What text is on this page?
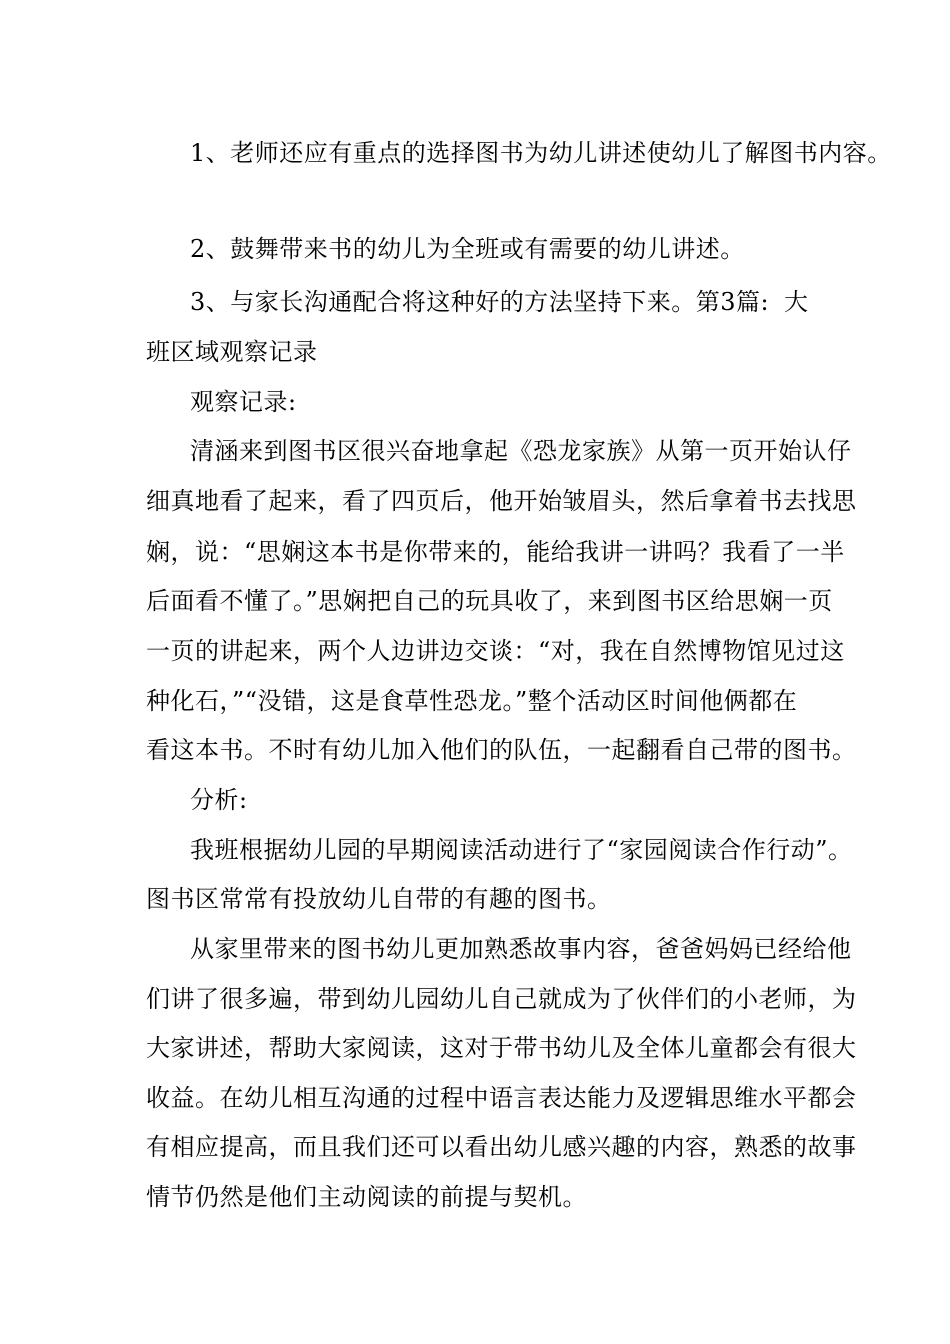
1、老师还应有重点的选择图书为幼儿讲述使幼儿了解图书内容。
2、鼓舞带来书的幼儿为全班或有需要的幼儿讲述。
3、与家长沟通配合将这种好的方法坚持下来。第3篇: 大
班区域观察记录
观察记录:
清涵来到图书区很兴奋地拿起《恐龙家族》从第一页开始认仔
细真地看了起来，看了四页后，他开始皱眉头，然后拿着书去找思
娴，说：“思娴这本书是你带来的，能给我讲一讲吗？我看了一半
后面看不懂了。”思娴把自己的玩具收了，来到图书区给思娴一页
一页的讲起来，两个人边讲边交谈：“对，我在自然博物馆见过这
种化石，”“没错，这是食草性恐龙。”整个活动区时间他俩都在
看这本书。不时有幼儿加入他们的队伍，一起翻看自己带的图书。
分析:
我班根据幼儿园的早期阅读活动进行了“家园阅读合作行动”。
图书区常常有投放幼儿自带的有趣的图书。
从家里带来的图书幼儿更加熟悉故事内容，爸爸妈妈已经给他
们讲了很多遍，带到幼儿园幼儿自己就成为了伙伴们的小老师，为
大家讲述，帮助大家阅读，这对于带书幼儿及全体儿童都会有很大
收益。在幼儿相互沟通的过程中语言表达能力及逻辑思维水平都会
有相应提高，而且我们还可以看出幼儿感兴趣的内容，熟悉的故事
情节仍然是他们主动阅读的前提与契机。
